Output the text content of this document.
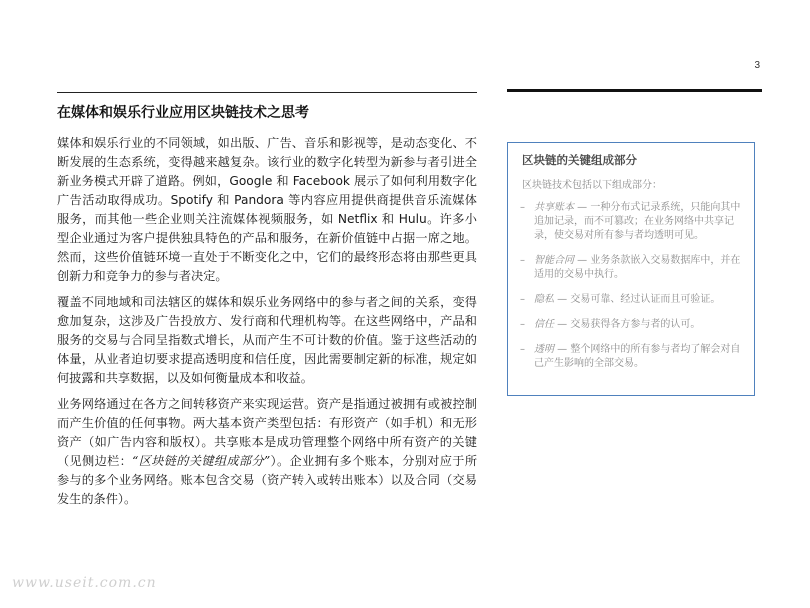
3
在媒体和娱乐行业应用区块链技术之思考

媒体和娱乐行业的不同领域，如出版、广告、音乐和影视等，是动态变化、不断发展的生态系统，变得越来越复杂。该行业的数字化转型为新参与者引进全新业务模式开辟了道路。例如，Google 和 Facebook 展示了如何利用数字化广告活动取得成功。Spotify 和 Pandora 等内容应用提供商提供音乐流媒体服务，而其他一些企业则关注流媒体视频服务，如 Netflix 和 Hulu。许多小型企业通过为客户提供独具特色的产品和服务，在新价值链中占据一席之地。然而，这些价值链环境一直处于不断变化之中，它们的最终形态将由那些更具创新力和竞争力的参与者决定。

覆盖不同地域和司法辖区的媒体和娱乐业务网络中的参与者之间的关系，变得愈加复杂，这涉及广告投放方、发行商和代理机构等。在这些网络中，产品和服务的交易与合同呈指数式增长，从而产生不可计数的价值。鉴于这些活动的体量，从业者迫切要求提高透明度和信任度，因此需要制定新的标准，规定如何披露和共享数据，以及如何衡量成本和收益。

业务网络通过在各方之间转移资产来实现运营。资产是指通过被拥有或被控制而产生价值的任何事物。两大基本资产类型包括：有形资产（如手机）和无形资产（如广告内容和版权）。共享账本是成功管理整个网络中所有资产的关键（见侧边栏：“区块链的关键组成部分”）。企业拥有多个账本，分别对应于所参与的多个业务网络。账本包含交易（资产转入或转出账本）以及合同（交易发生的条件）。

区块链的关键组成部分
区块链技术包括以下组成部分：
– 共享账本 — 一种分布式记录系统，只能向其中追加记录，而不可篡改；在业务网络中共享记录，使交易对所有参与者均透明可见。
– 智能合同 — 业务条款嵌入交易数据库中，并在适用的交易中执行。
– 隐私 — 交易可靠、经过认证而且可验证。
– 信任 — 交易获得各方参与者的认可。
– 透明 — 整个网络中的所有参与者均了解会对自己产生影响的全部交易。
www.useit.com.cn
